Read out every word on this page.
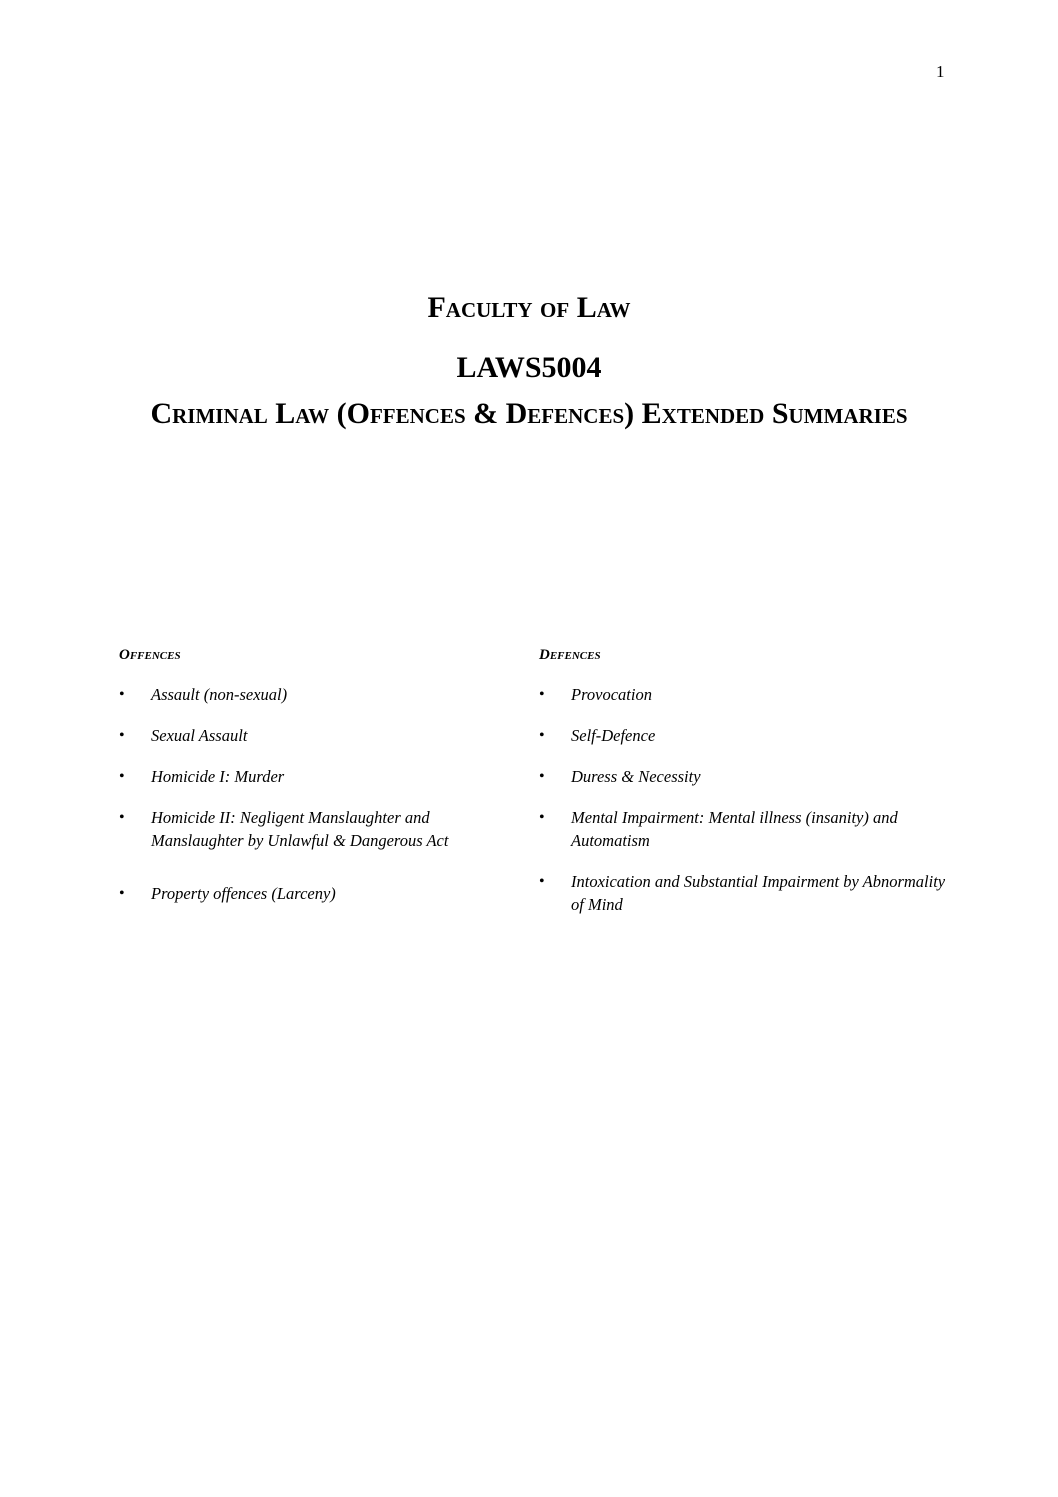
1
Faculty of Law
LAWS5004
Criminal Law (Offences & Defences) Extended Summaries
Offences
• Assault (non-sexual)
• Sexual Assault
• Homicide I: Murder
• Homicide II: Negligent Manslaughter and Manslaughter by Unlawful & Dangerous Act
• Property offences (Larceny)
Defences
• Provocation
• Self-Defence
• Duress & Necessity
• Mental Impairment: Mental illness (insanity) and Automatism
• Intoxication and Substantial Impairment by Abnormality of Mind
